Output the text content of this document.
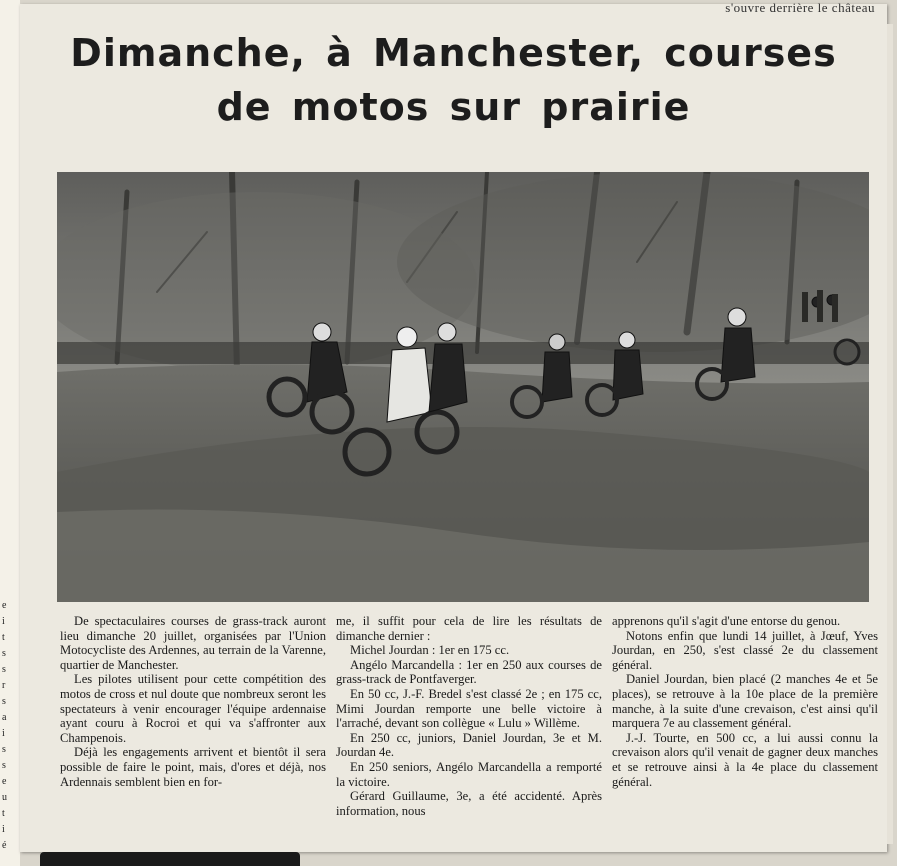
e
i
t
s
s
r
s
a
i
s
s
e
u
t
i
é
s'ouvre derrière le château
Dimanche, à Manchester, courses
de motos sur prairie

De spectaculaires courses de grass-track auront lieu dimanche 20 juillet, organisées par l'Union Motocycliste des Ardennes, au terrain de la Varenne, quartier de Manchester.

Les pilotes utilisent pour cette compétition des motos de cross et nul doute que nombreux seront les spectateurs à venir encourager l'équipe ardennaise ayant couru à Rocroi et qui va s'affronter aux Champenois.

Déjà les engagements arrivent et bientôt il sera possible de faire le point, mais, d'ores et déjà, nos Ardennais semblent bien en for-

me, il suffit pour cela de lire les résultats de dimanche dernier :

Michel Jourdan : 1er en 175 cc.

Angélo Marcandella : 1er en 250 aux courses de grass-track de Pontfaverger.

En 50 cc, J.-F. Bredel s'est classé 2e ; en 175 cc, Mimi Jourdan remporte une belle victoire à l'arraché, devant son collègue « Lulu » Willème.

En 250 cc, juniors, Daniel Jourdan, 3e et M. Jourdan 4e.

En 250 seniors, Angélo Marcandella a remporté la victoire.

Gérard Guillaume, 3e, a été accidenté. Après information, nous

apprenons qu'il s'agit d'une entorse du genou.

Notons enfin que lundi 14 juillet, à Jœuf, Yves Jourdan, en 250, s'est classé 2e du classement général.

Daniel Jourdan, bien placé (2 manches 4e et 5e places), se retrouve à la 10e place de la première manche, à la suite d'une crevaison, c'est ainsi qu'il marquera 7e au classement général.

J.-J. Tourte, en 500 cc, a lui aussi connu la crevaison alors qu'il venait de gagner deux manches et se retrouve ainsi à la 4e place du classement général.
